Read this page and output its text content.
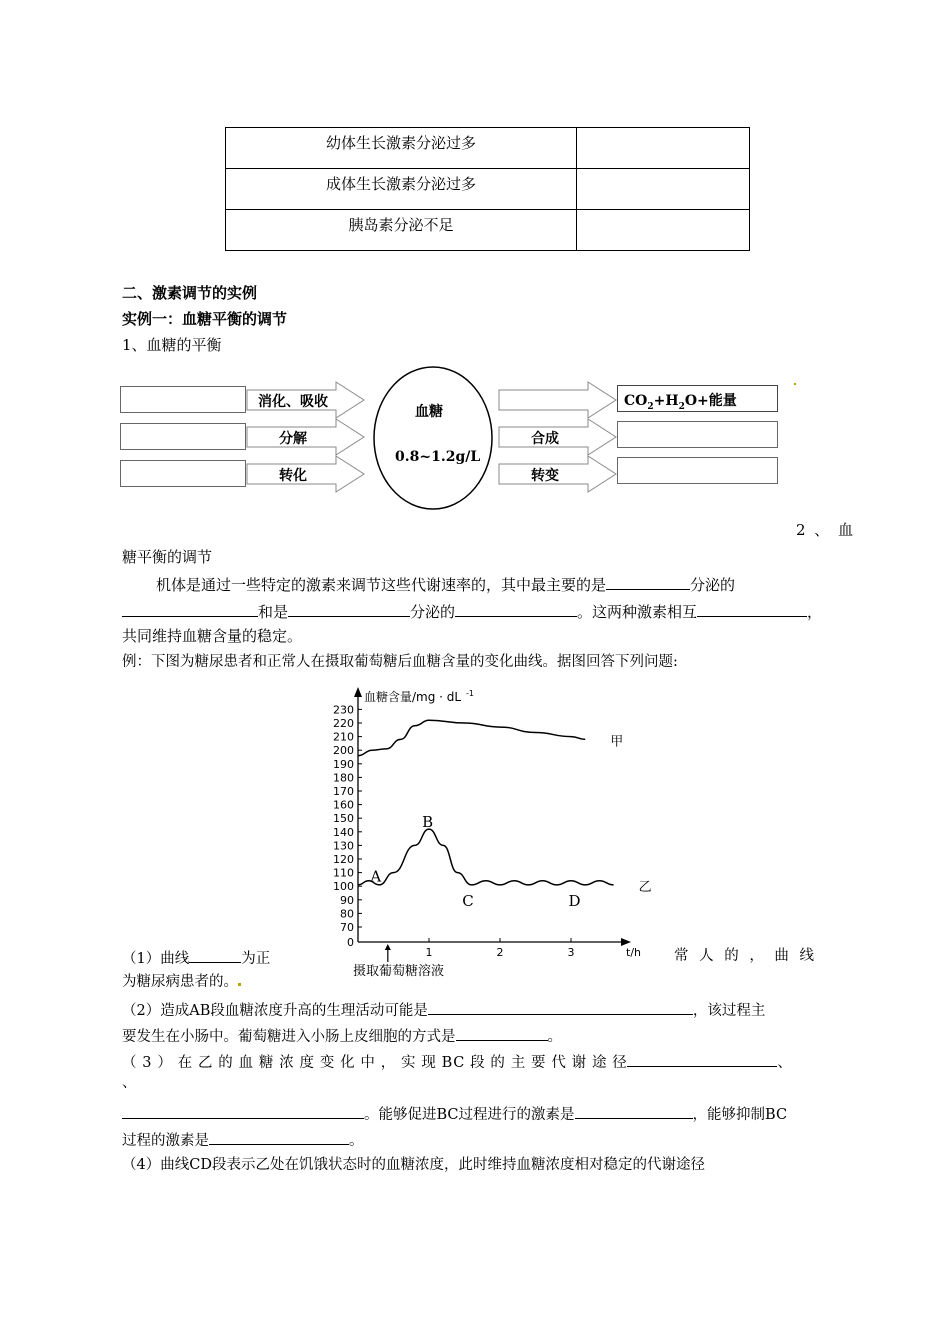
幼体生长激素分泌过多	
成体生长激素分泌过多	
胰岛素分泌不足	
二、激素调节的实例
实例一：血糖平衡的调节
1、血糖的平衡
消化、吸收
分解
转化
血糖
0.8~1.2g/L
合成
转变
$CO_2+H_2O+$能量
2 、 血
糖平衡的调节
机体是通过一些特定的激素来调节这些代谢速率的，其中最主要的是	分泌的
和是	分泌的	。这两种激素相互	，
共同维持血糖含量的稳定。
例：下图为糖尿患者和正常人在摄取葡萄糖后血糖含量的变化曲线。据图回答下列问题:
血糖含量/mg · dL -1
0
70
80
90
100
110
120
130
140
150
160
170
180
190
200
210
220
230
1	2	3	t/h
摄取葡萄糖溶液
甲
乙
A
B
C	D
（1）曲线	为正	常 人 的 ， 曲 线
为糖尿病患者的。
（2）造成AB段血糖浓度升高的生理活动可能是	，该过程主
要发生在小肠中。葡萄糖进入小肠上皮细胞的方式是	。
（ 3 ） 在 乙 的 血 糖 浓 度 变 化 中 ， 实 现 BC 段 的 主 要 代 谢 途 径	、
、
。能够促进BC过程进行的激素是	，能够抑制BC
过程的激素是	。
（4）曲线CD段表示乙处在饥饿状态时的血糖浓度，此时维持血糖浓度相对稳定的代谢途径
